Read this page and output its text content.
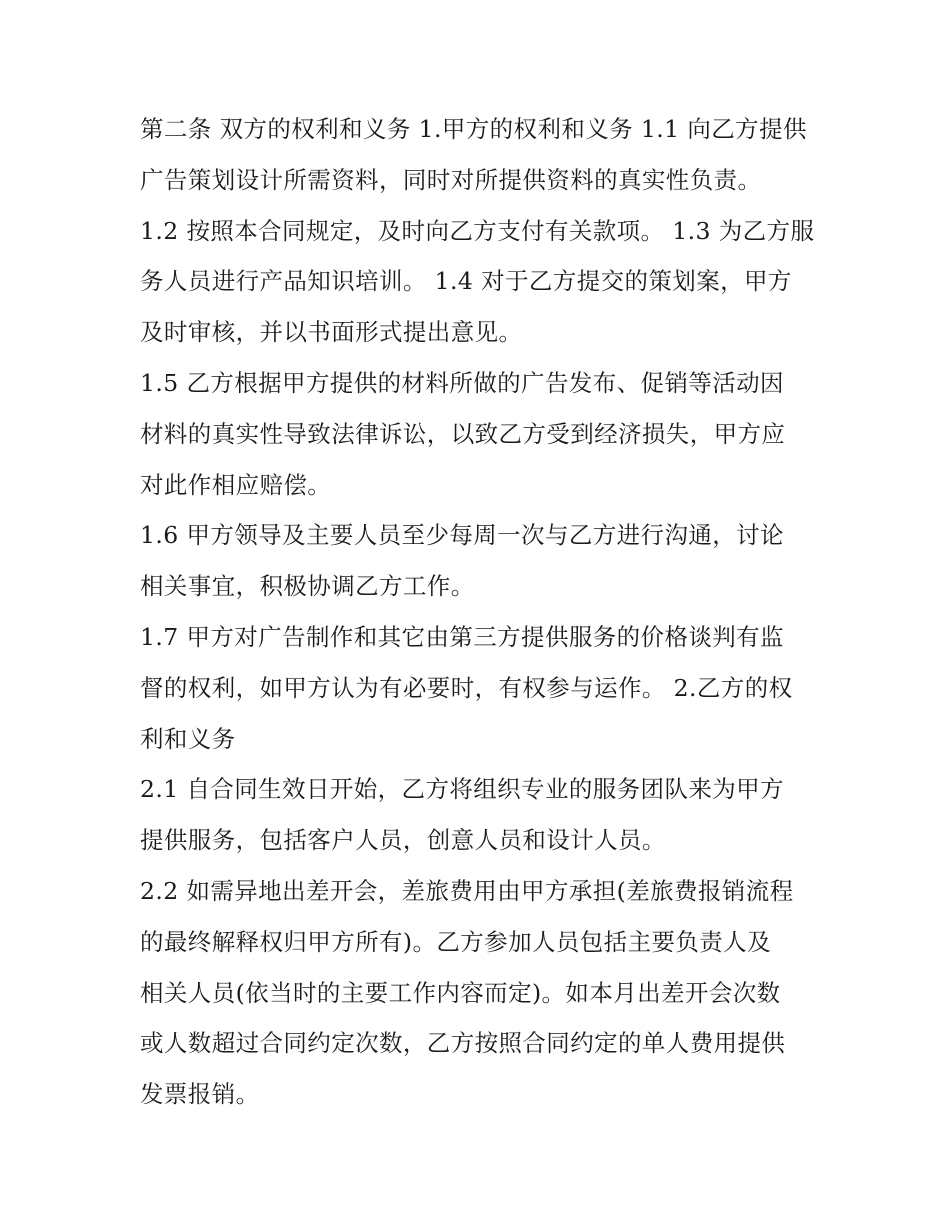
第二条 双方的权利和义务 1.甲方的权利和义务 1.1 向乙方提供
广告策划设计所需资料，同时对所提供资料的真实性负责。
1.2 按照本合同规定，及时向乙方支付有关款项。 1.3 为乙方服
务人员进行产品知识培训。 1.4 对于乙方提交的策划案，甲方
及时审核，并以书面形式提出意见。
1.5 乙方根据甲方提供的材料所做的广告发布、促销等活动因
材料的真实性导致法律诉讼，以致乙方受到经济损失，甲方应
对此作相应赔偿。
1.6 甲方领导及主要人员至少每周一次与乙方进行沟通，讨论
相关事宜，积极协调乙方工作。
1.7 甲方对广告制作和其它由第三方提供服务的价格谈判有监
督的权利，如甲方认为有必要时，有权参与运作。 2.乙方的权
利和义务
2.1 自合同生效日开始，乙方将组织专业的服务团队来为甲方
提供服务，包括客户人员，创意人员和设计人员。
2.2 如需异地出差开会，差旅费用由甲方承担(差旅费报销流程
的最终解释权归甲方所有)。乙方参加人员包括主要负责人及
相关人员(依当时的主要工作内容而定)。如本月出差开会次数
或人数超过合同约定次数，乙方按照合同约定的单人费用提供
发票报销。
